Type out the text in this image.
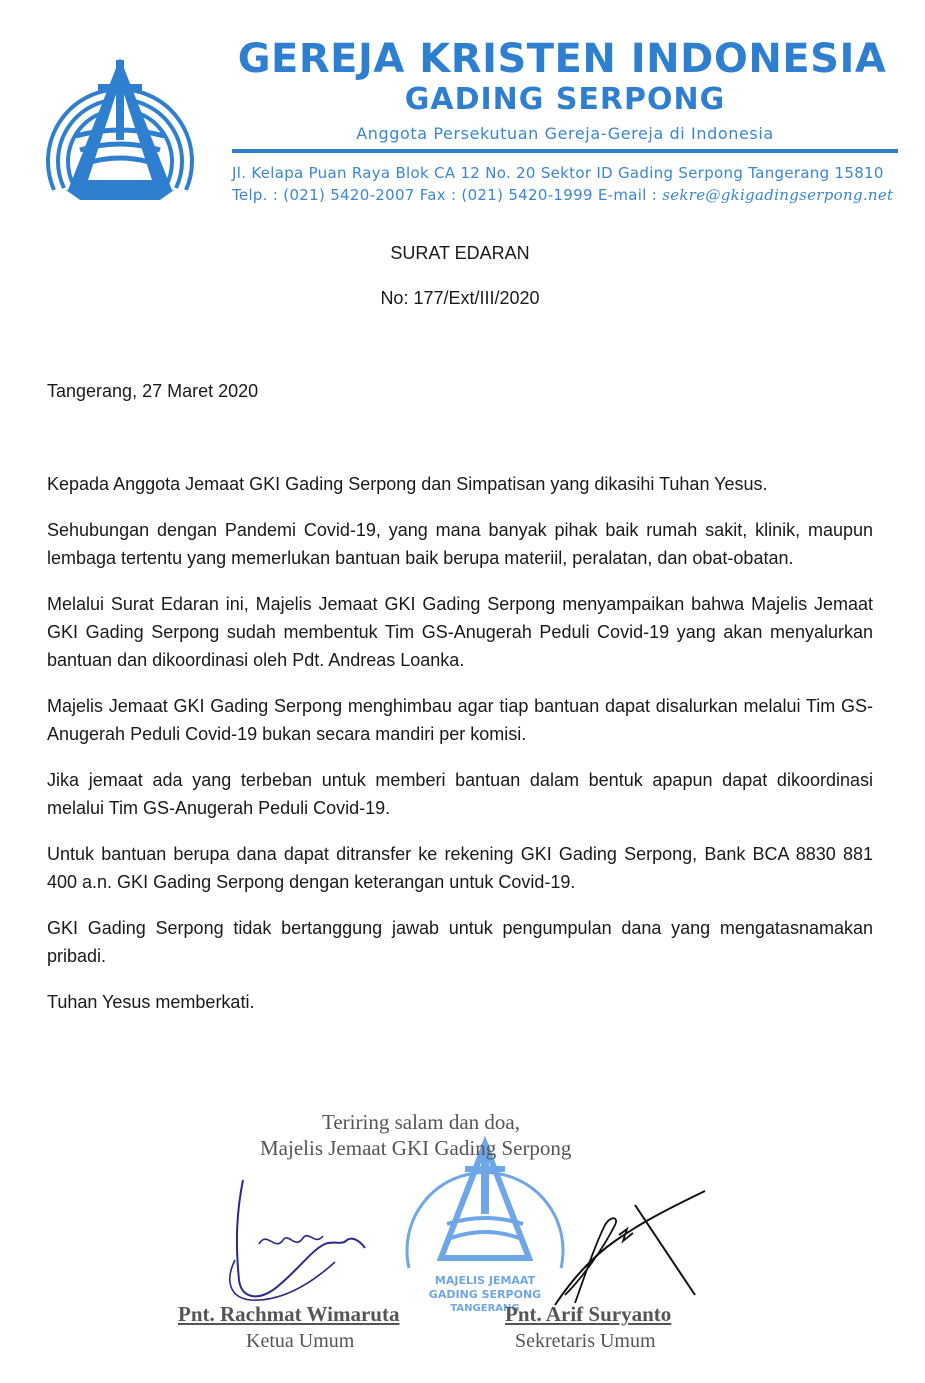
GEREJA KRISTEN INDONESIA
GADING SERPONG
Anggota Persekutuan Gereja-Gereja di Indonesia
Jl. Kelapa Puan Raya Blok CA 12 No. 20 Sektor ID Gading Serpong Tangerang 15810
Telp. : (021) 5420-2007 Fax : (021) 5420-1999 E-mail : sekre@gkigadingserpong.net
SURAT EDARAN
No: 177/Ext/III/2020
Tangerang, 27 Maret 2020

Kepada Anggota Jemaat GKI Gading Serpong dan Simpatisan yang dikasihi Tuhan Yesus.

Sehubungan dengan Pandemi Covid-19, yang mana banyak pihak baik rumah sakit, klinik, maupun lembaga tertentu yang memerlukan bantuan baik berupa materiil, peralatan, dan obat-obatan.

Melalui Surat Edaran ini, Majelis Jemaat GKI Gading Serpong menyampaikan bahwa Majelis Jemaat GKI Gading Serpong sudah membentuk Tim GS-Anugerah Peduli Covid-19 yang akan menyalurkan bantuan dan dikoordinasi oleh Pdt. Andreas Loanka.

Majelis Jemaat GKI Gading Serpong menghimbau agar tiap bantuan dapat disalurkan melalui Tim GS-Anugerah Peduli Covid-19 bukan secara mandiri per komisi.

Jika jemaat ada yang terbeban untuk memberi bantuan dalam bentuk apapun dapat dikoordinasi melalui Tim GS-Anugerah Peduli Covid-19.

Untuk bantuan berupa dana dapat ditransfer ke rekening GKI Gading Serpong, Bank BCA 8830 881 400 a.n. GKI Gading Serpong dengan keterangan untuk Covid-19.

GKI Gading Serpong tidak bertanggung jawab untuk pengumpulan dana yang mengatasnamakan pribadi.

Tuhan Yesus memberkati.

MAJELIS JEMAAT
GADING SERPONG
TANGERANG
Teriring salam dan doa,
Majelis Jemaat GKI Gading Serpong
Pnt. Rachmat Wimaruta
Ketua Umum
Pnt. Arif Suryanto
Sekretaris Umum
